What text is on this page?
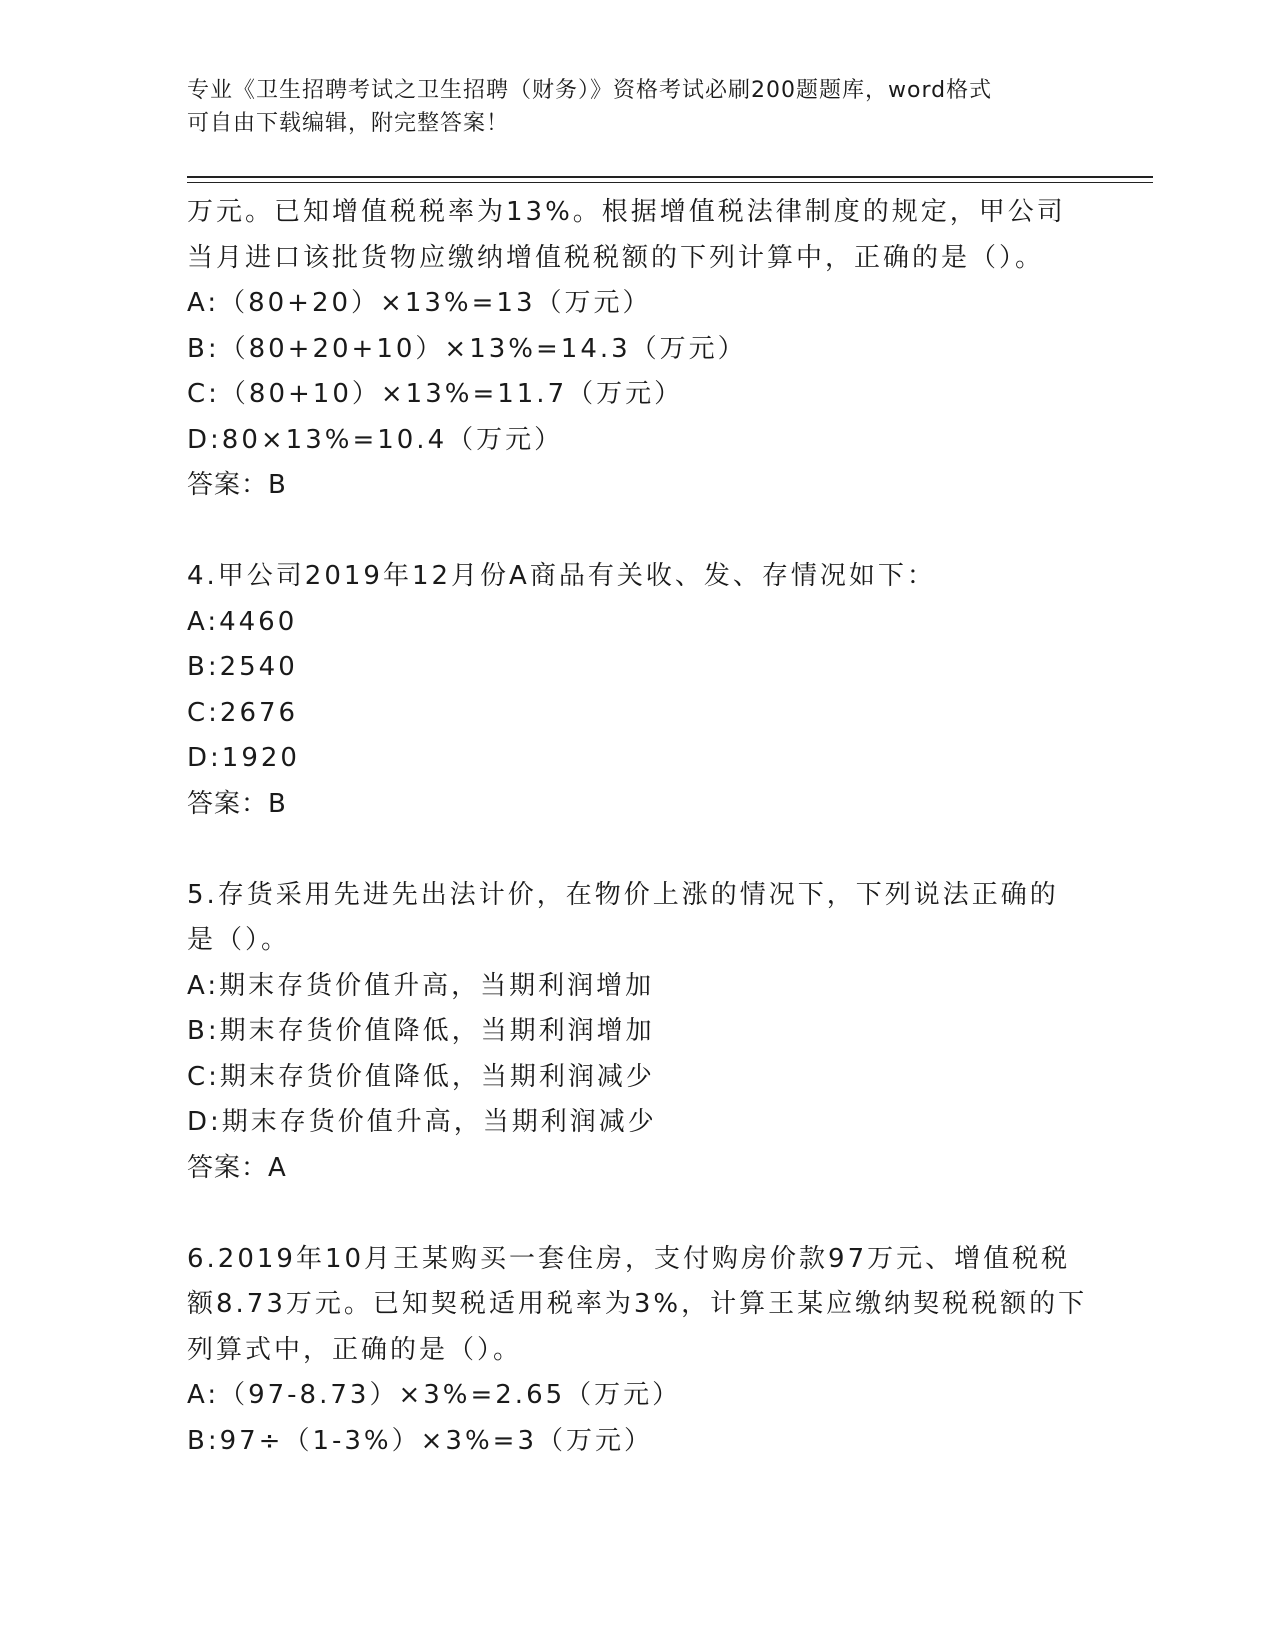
专业《卫生招聘考试之卫生招聘（财务）》资格考试必刷200题题库，word格式
可自由下载编辑，附完整答案！
万元。已知增值税税率为13%。根据增值税法律制度的规定，甲公司
当月进口该批货物应缴纳增值税税额的下列计算中，正确的是（）。
A:（80+20）×13%=13（万元）
B:（80+20+10）×13%=14.3（万元）
C:（80+10）×13%=11.7（万元）
D:80×13%=10.4（万元）
答案：B
4.甲公司2019年12月份A商品有关收、发、存情况如下：
A:4460
B:2540
C:2676
D:1920
答案：B
5.存货采用先进先出法计价，在物价上涨的情况下，下列说法正确的
是（）。
A:期末存货价值升高，当期利润增加
B:期末存货价值降低，当期利润增加
C:期末存货价值降低，当期利润减少
D:期末存货价值升高，当期利润减少
答案：A
6.2019年10月王某购买一套住房，支付购房价款97万元、增值税税
额8.73万元。已知契税适用税率为3%，计算王某应缴纳契税税额的下
列算式中，正确的是（）。
A:（97-8.73）×3%=2.65（万元）
B:97÷（1-3%）×3%=3（万元）
